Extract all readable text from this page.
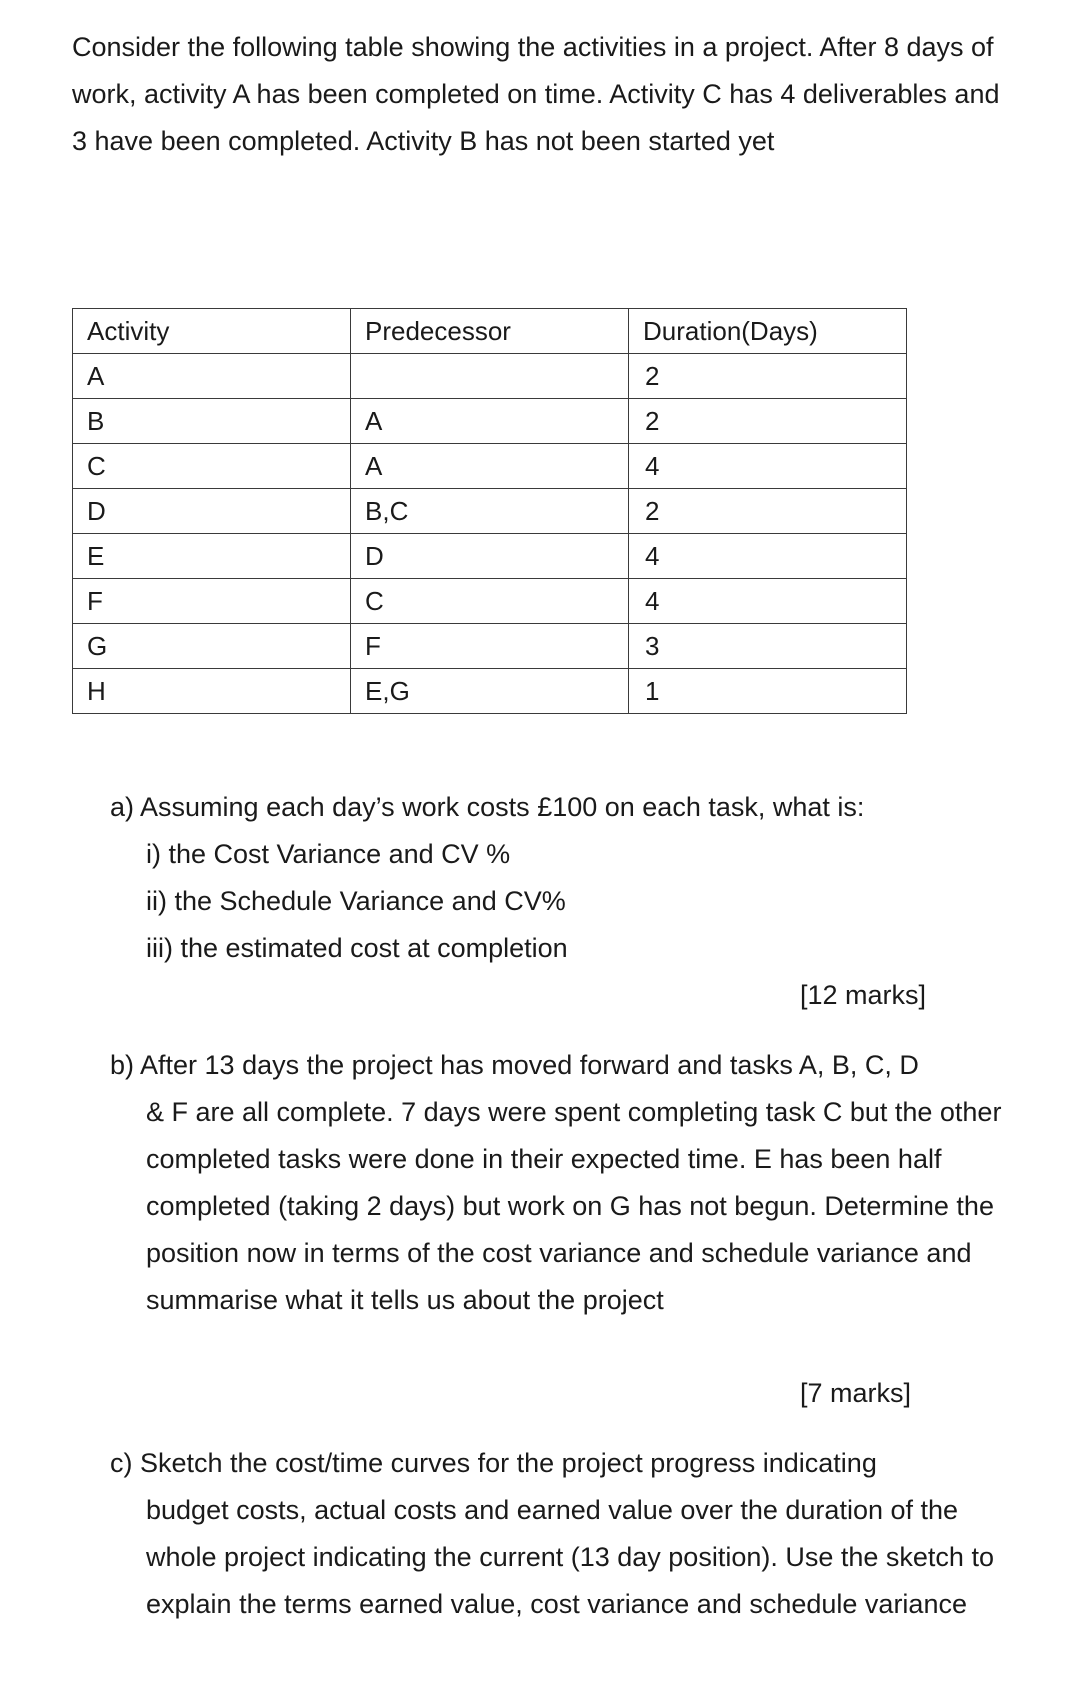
Consider the following table showing the activities in a project. After 8 days of work, activity A has been completed on time. Activity C has 4 deliverables and 3 have been completed. Activity B has not been started yet

Activity	Predecessor	Duration(Days)
A		2
B	A	2
C	A	4
D	B,C	2
E	D	4
F	C	4
G	F	3
H	E,G	1

a) Assuming each day’s work costs £100 on each task, what is:

i) the Cost Variance and CV %

ii) the Schedule Variance and CV%

iii) the estimated cost at completion

[12 marks]

b) After 13 days the project has moved forward and tasks A, B, C, D

& F are all complete. 7 days were spent completing task C but the other completed tasks were done in their expected time. E has been half completed (taking 2 days) but work on G has not begun. Determine the position now in terms of the cost variance and schedule variance and summarise what it tells us about the project

[7 marks]

c) Sketch the cost/time curves for the project progress indicating

budget costs, actual costs and earned value over the duration of the whole project indicating the current (13 day position). Use the sketch to explain the terms earned value, cost variance and schedule variance
